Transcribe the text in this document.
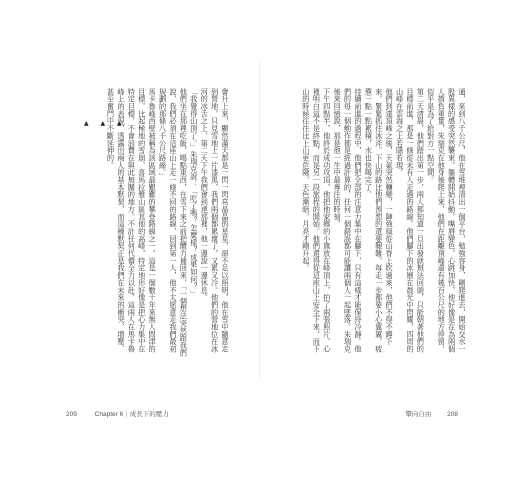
會升上來，顯然滿天都是一閃一閃亮晶晶的星星，卻不足以照明。他在雪中隨意走到營地，只見雪地上一片漆黑，我們兩個都累壞了，又累又冷。他們的營地位在冰河的冰舌之上，第二天下午我們會到達那裡，他一邊說一邊休息。
「我覺得山頂了。」朱瑞克說：「吃了嗎？怎麼樣？成果如何？」
他們坐在那裡吃飯，喝點東西，在雪下來之前把體力補回來，「一個想法突然跟我們說，我們必須在這座山上走一條不同的路線，回到第一人，他不太愿意走我們最初規劃的那條八千公尺路線。」
馬卡魯峰西壁被稱為該區域最艱難的攀登路線之一。這是一個數十年來無人問津的目標，比起極地的雪崩、喜馬拉雅山區其他的高峰，特定地形好像是把心力集中在特定目標，不會浪費在與此無關的地方。不計任何代價全力以赴，這兩人在馬卡魯峰上的表現，透露出兩人的基本默契，而這種默契正是我們在未來的衝突、增壓、甚至奮鬥中不斷延伸的。
▲ ▲ ▲	通，來到八千公尺，他在雪堆裡清出一個平台，勉強容身，剛爬進去，開始交水一股異樣的感受突然襲來，軀體開始抖動，嘴唇變色，心跳加快，他好像是在為兩個人揹負重量，朱瑞克在他身後爬上來，他們在距離頂峰還有幾百公尺的地方停留，似乎是為了給對方一點空間。
第二天清晨，他們踏出第一步，兩人都知道一旦出發就無法回頭，只能朝著他們的目標前進，那是一條從未有人走過的路線。他們腳下的冰層在晨光中閃耀，四周的山峰在雲海之上若隱若現。
他們到達頂峰之後，天氣突然轉變，一陣強風從山脊上吹過來，他們不得不蹲下來，緊緊抓住冰斧。下山的路比他們預想的還要艱難，每走一步都要小心翼翼，疲憊一點一點累積，水也快喝完了。
持續前進的過程中，他們把全部的注意力集中在腳下，只有這樣才能保持冷靜。他們的每一個動作都是經過計算的，任何一個錯誤都可能讓兩個人一起墜落。朱瑞克後來回憶說，那是他一生中最專注的時刻。
下午四點半，他終於成功攻頂，他把他家鄉的小旗放在峰頂上，拍了兩張照片，心裡明白這不是終點，而是另一段旅程的開始。他們還得從這座山上安全下來，而下山的時候往往比上山更危險，天色漸暗，月亮才剛升起。
209	Chapter 6｜成長下的壓力	攀向自由 208
